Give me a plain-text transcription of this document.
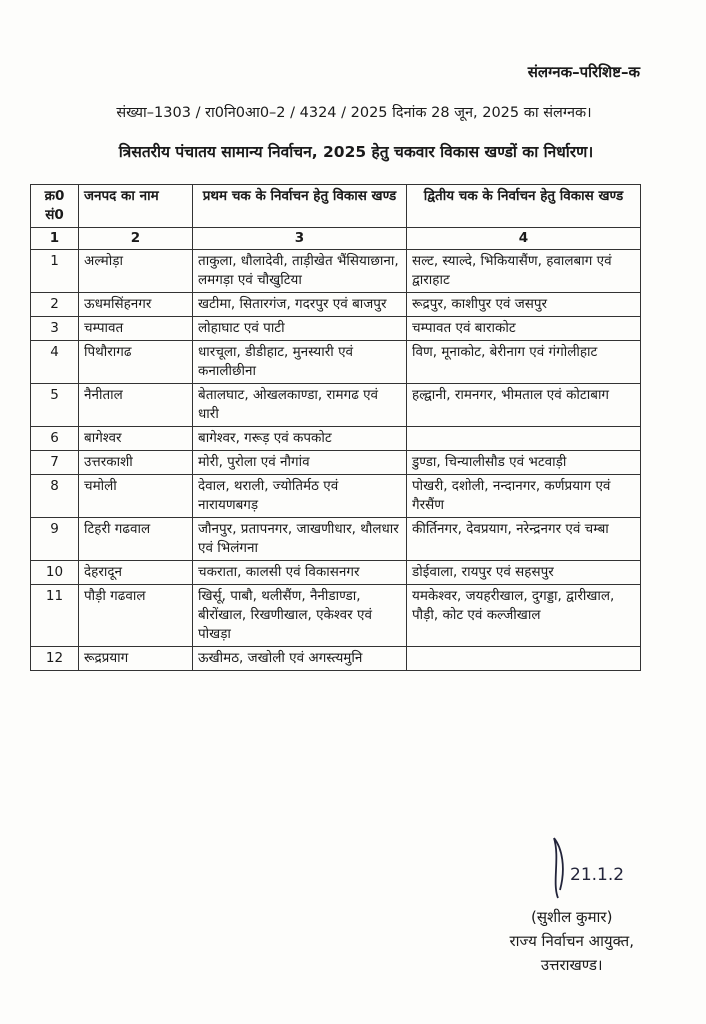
संलग्नक–परिशिष्ट–क
संख्या–1303 / रा0नि0आ0–2 / 4324 / 2025 दिनांक 28 जून, 2025 का संलग्नक।
त्रिसतरीय पंचातय सामान्य निर्वाचन, 2025 हेतु चकवार विकास खण्डों का निर्धारण।
क्र0 सं0	जनपद का नाम	प्रथम चक के निर्वाचन हेतु विकास खण्ड	द्वितीय चक के निर्वाचन हेतु विकास खण्ड
1	2	3	4
1	अल्मोड़ा	ताकुला, धौलादेवी, ताड़ीखेत भैंसियाछाना, लमगड़ा एवं चौखुटिया	सल्ट, स्याल्दे, भिकियासैंण, हवालबाग एवं द्वाराहाट
2	ऊधमसिंहनगर	खटीमा, सितारगंज, गदरपुर एवं बाजपुर	रूद्रपुर, काशीपुर एवं जसपुर
3	चम्पावत	लोहाघाट एवं पाटी	चम्पावत एवं बाराकोट
4	पिथौरागढ	धारचूला, डीडीहाट, मुनस्यारी एवं कनालीछीना	विण, मूनाकोट, बेरीनाग एवं गंगोलीहाट
5	नैनीताल	बेतालघाट, ओखलकाण्डा, रामगढ एवं धारी	हल्द्वानी, रामनगर, भीमताल एवं कोटाबाग
6	बागेश्वर	बागेश्वर, गरूड़ एवं कपकोट	
7	उत्तरकाशी	मोरी, पुरोला एवं नौगांव	डुण्डा, चिन्यालीसौड एवं भटवाड़ी
8	चमोली	देवाल, थराली, ज्योतिर्मठ एवं नारायणबगड़	पोखरी, दशोली, नन्दानगर, कर्णप्रयाग एवं गैरसैंण
9	टिहरी गढवाल	जौनपुर, प्रतापनगर, जाखणीधार, थौलधार एवं भिलंगना	कीर्तिनगर, देवप्रयाग, नरेन्द्रनगर एवं चम्बा
10	देहरादून	चकराता, कालसी एवं विकासनगर	डोईवाला, रायपुर एवं सहसपुर
11	पौड़ी गढवाल	खिर्सू, पाबौ, थलीसैंण, नैनीडाण्डा, बीरोंखाल, रिखणीखाल, एकेश्वर एवं पोखड़ा	यमकेश्वर, जयहरीखाल, दुगड्डा, द्वारीखाल, पौड़ी, कोट एवं कल्जीखाल
12	रूद्रप्रयाग	ऊखीमठ, जखोली एवं अगस्त्यमुनि	
21.1.2
(सुशील कुमार)
राज्य निर्वाचन आयुक्त,
उत्तराखण्ड।
